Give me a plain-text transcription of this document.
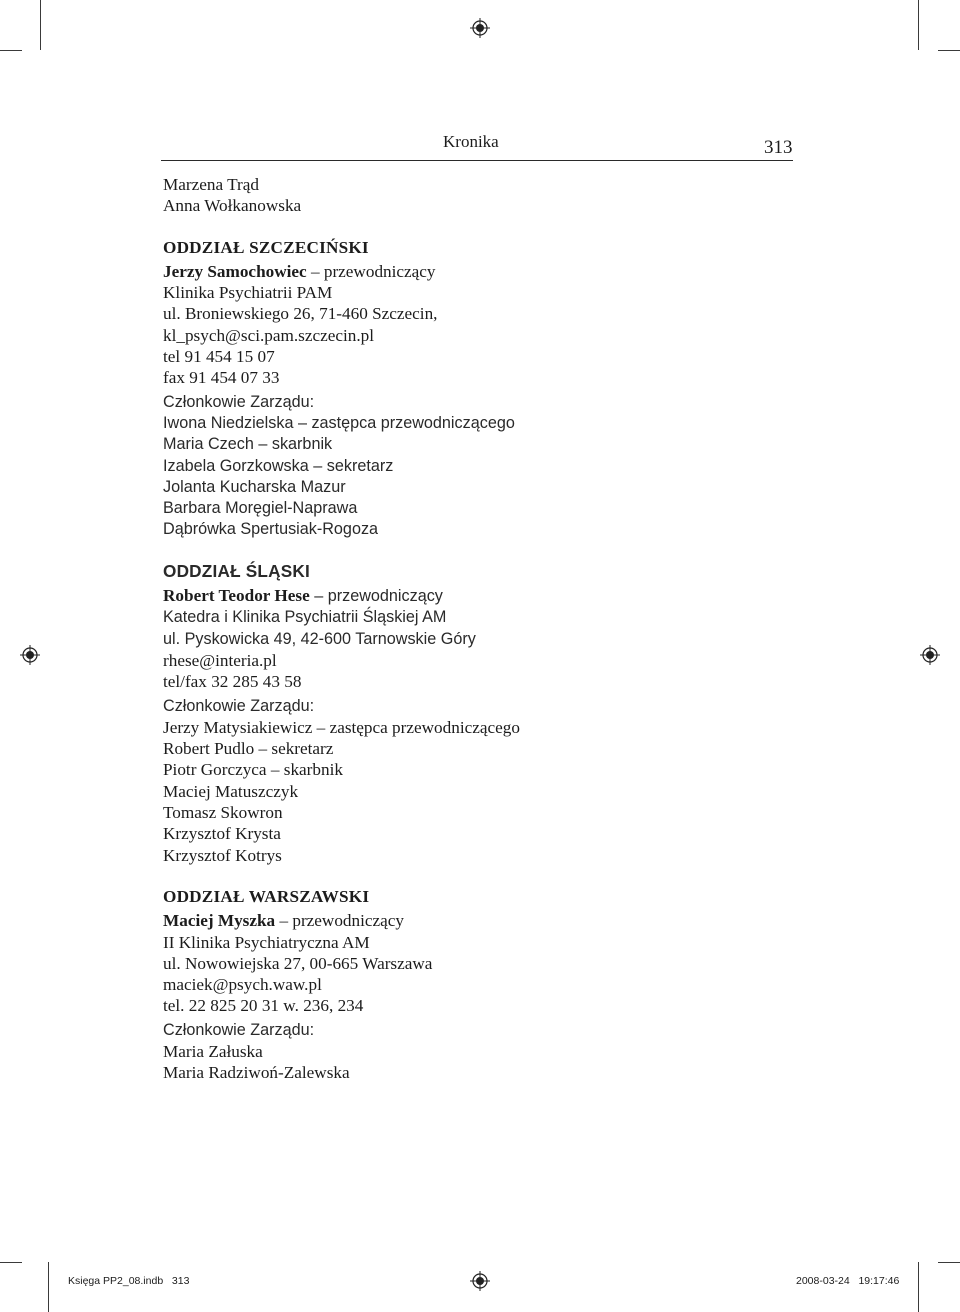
Kronika	313
Marzena Trąd
Anna Wołkanowska
ODDZIAŁ SZCZECIŃSKI
Jerzy Samochowiec – przewodniczący
Klinika Psychiatrii PAM
ul. Broniewskiego 26, 71-460 Szczecin,
kl_psych@sci.pam.szczecin.pl
tel 91 454 15 07
fax 91 454 07 33
Członkowie Zarządu:
Iwona Niedzielska – zastępca przewodniczącego
Maria Czech – skarbnik
Izabela Gorzkowska – sekretarz
Jolanta Kucharska Mazur
Barbara Moręgiel-Naprawa
Dąbrówka Spertusiak-Rogoza
ODDZIAŁ ŚLĄSKI
Robert Teodor Hese – przewodniczący
Katedra i Klinika Psychiatrii Śląskiej AM
ul. Pyskowicka 49, 42-600 Tarnowskie Góry
rhese@interia.pl
tel/fax 32 285 43 58
Członkowie Zarządu:
Jerzy Matysiakiewicz – zastępca przewodniczącego
Robert Pudlo – sekretarz
Piotr Gorczyca – skarbnik
Maciej Matuszczyk
Tomasz Skowron
Krzysztof Krysta
Krzysztof Kotrys
ODDZIAŁ WARSZAWSKI
Maciej Myszka – przewodniczący
II Klinika Psychiatryczna AM
ul. Nowowiejska 27, 00-665 Warszawa
maciek@psych.waw.pl
tel. 22 825 20 31 w. 236, 234
Członkowie Zarządu:
Maria Załuska
Maria Radziwoń-Zalewska
Księga PP2_08.indb   313	2008-03-24   19:17:46
